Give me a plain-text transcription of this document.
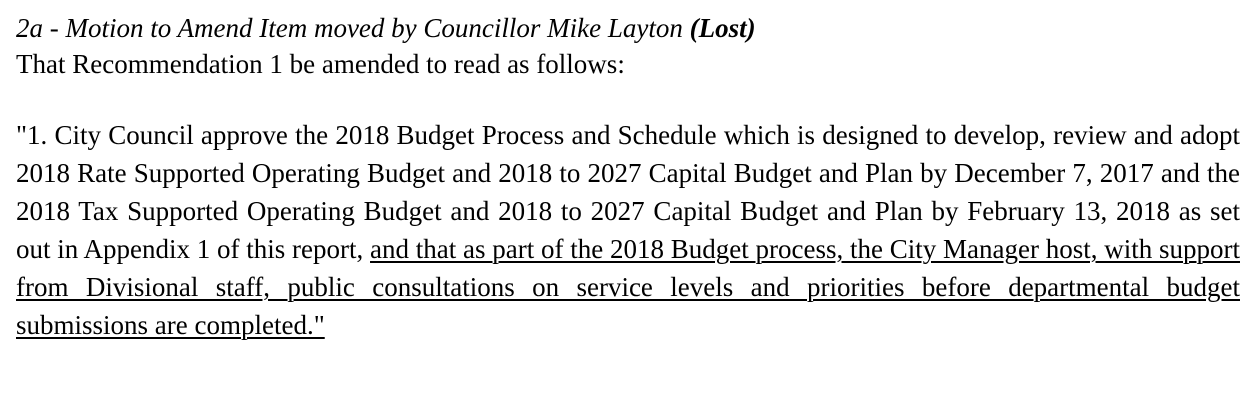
2a - Motion to Amend Item moved by Councillor Mike Layton (Lost)

That Recommendation 1 be amended to read as follows:

"1. City Council approve the 2018 Budget Process and Schedule which is designed to develop, review and adopt 2018 Rate Supported Operating Budget and 2018 to 2027 Capital Budget and Plan by December 7, 2017 and the 2018 Tax Supported Operating Budget and 2018 to 2027 Capital Budget and Plan by February 13, 2018 as set out in Appendix 1 of this report, and that as part of the 2018 Budget process, the City Manager host, with support from Divisional staff, public consultations on service levels and priorities before departmental budget submissions are completed."
